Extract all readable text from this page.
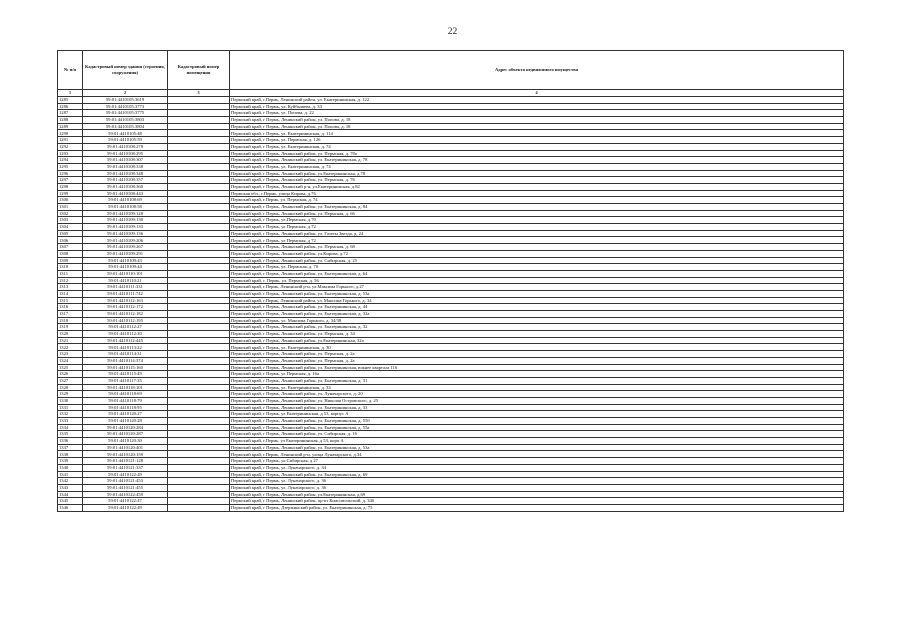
22
№ п/п	Кадастровый номер здания (строения, сооружения)	Кадастровый номер помещения	Адрес объекта недвижимого имущества
1	2	3	4
1285	59:01:4410105:3619		Пермский край, г.Пермь, Ленинский район, ул. Екатерининская, д. 122
1286	59:01:4410105:3773		Пермский край, г Пермь, ул. Куйбышева, д. 33
1287	59:01:4410105:3775		Пермский край, г Пермь, ул. Попова, д. 22
1288	59:01:4410105:3803		Пермский край, г Пермь, Ленинский район, ул. Попова, д. 18
1289	59:01:4410105:3804		Пермский край, г Пермь, Ленинский район, ул. Попова, д. 18
1290	59:01:4410105:48		Пермский край, г Пермь, ул. Екатерининская, д. 114
1291	59:01:4410105:59		Пермский край, г Пермь, ул. Пермская, д. 126
1292	59:01:4410108:278		Пермский край, г Пермь, ул. Екатерининская, д. 74
1293	59:01:4410108:295		Пермский край, г Пермь, Ленинский район, ул. Пермская, д. 78а
1294	59:01:4410108:307		Пермский край, г Пермь, Ленинский район, ул. Екатерининская, д. 78
1295	59:01:4410108:338		Пермский край, г Пермь, ул. Екатерининская, д. 74
1296	59:01:4410108:348		Пермский край, г Пермь, Ленинский район, ул.Екатерининская, д.78
1297	59:01:4410108:357		Пермский край, г Пермь, Ленинский район, ул. Пермская, д. 76
1298	59:01:4410108:360		Пермский край, г Пермь, Ленинский р-н, ул.Екатерининская, д.82
1299	59:01:4410108:443		Пермская обл., г.Пермь, улица Кирова, д.76
1300	59:01:4410108:69		Пермский край, г.Пермь, ул. Пермская, д. 74
1301	59:01:4410108:58		Пермский край, г Пермь, Ленинский район, ул. Екатерининская, д. 84
1302	59:01:4410109:128		Пермский край, г Пермь, Ленинский район, ул. Пермская, д. 66
1303	59:01:4410109:130		Пермский край, г Пермь, ул.Пермская, д.70
1304	59:01:4410109:133		Пермский край, г Пермь, ул Пермская, д 72
1305	59:01:4410109:136		Пермский край, г Пермь, Ленинский район, ул. Газеты Звезда, д. 24
1306	59:01:4410109:206		Пермский край, г Пермь, ул Пермская, д 72
1307	59:01:4410109:267		Пермский край, г Пермь, Ленинский район, ул. Пермская, д. 68
1308	59:01:4410109:291		Пермский край, г Пермь, Ленинский район, ул.Кирова, д.72
1309	59:01:4410109:43		Пермский край, г Пермь, Ленинский район, ул. Сибирская, д. 25
1310	59:01:4410109:44		Пермский край, г Пермь, ул. Пермская, д. 70
1311	59:01:4410110:101		Пермский край, г Пермь, Ленинский район, ул. Екатерининская, д. 64
1312	59:01:4410110:21		Пермский край, г. Пермь, ул. Пермская, д. 56
1313	59:01:4410111:331		Пермский край, г.Пермь, Ленинский р-н, ул.Максима Горького, д.27
1314	59:01:4410111:742		Пермский край, г Пермь, Ленинский район, ул. Екатерининская, д. 53а
1315	59:01:4410112:163		Пермский край, г.Пермь, Ленинский район, ул. Максима Горького, д. 34
1316	59:01:4410112:172		Пермский край, г Пермь, Ленинский район, ул. Екатерининская, д. 44
1317	59:01:4410112:182		Пермский край, г Пермь, Ленинский район, ул. Екатерининская, д. 32а
1318	59:01:4410112:195		Пермский край, г Пермь, ул. Максима Горького, д. 34/38
1319	59:01:4410112:27		Пермский край, г Пермь, Ленинский район, ул. Екатерининская, д. 32
1320	59:01:4410112:30		Пермский край, г Пермь, Ленинский район, ул. Пермская, д. 34
1321	59:01:4410112:445		Пермский край, г Пермь, Ленинский район, ул.Екатерининская, 32а
1322	59:01:4410113:22		Пермский край, г Пермь, ул. Екатерининская, д. 30
1323	59:01:4410114:31		Пермский край, г Пермь, Ленинский район, ул. Пермская, д. 2а
1324	59:01:4410114:374		Пермский край, г Пермь, Ленинский район, ул. Пермская, д. 2а
1325	59:01:4410115:160		Пермский край, г Пермь, Ленинский район, ул. Екатерининская, южнее квартала 116
1326	59:01:4410115:49		Пермский край, г Пермь, ул Пермская, д. 16а
1327	59:01:4410117:35		Пермский край, г Пермь, Ленинский район, ул. Екатерининская, д. 31
1328	59:01:4410118:101		Пермский край, г Пермь, ул. Екатерининская, д. 33
1329	59:01:4410118:69		Пермский край, г Пермь, Ленинский район, ул. Луначарского, д. 20
1330	59:01:4410118:79		Пермский край, г Пермь, Ленинский район, ул. Николая Островского, д. 25
1331	59:01:4410118:95		Пермский край, г Пермь, Ленинский район, ул. Екатерининская, д. 33
1332	59:01:4410120:27		Пермский край, г Пермь, ул Екатерининская, д 53, корпус А
1333	59:01:4410120:28		Пермский край, г Пермь, Ленинский район, ул. Екатерининская, д. 55б
1334	59:01:4410120:284		Пермский край, г Пермь, Ленинский район, ул. Екатерининская, д. 55а
1335	59:01:4410120:287		Пермский край, г Пермь, Ленинский район, ул. Сибирская, д. 16
1336	59:01:4410120:30		Пермский край, г.Пермь, ул Екатерининская, д 53, корп А
1337	59:01:4410120:401		Пермский край, г Пермь, Ленинский район, ул. Екатерининская, д. 53а
1338	59:01:4410120:159		Пермский край, г.Пермь, Ленинский р-н, улица Луначарского, д.34
1339	59:01:4410121:128		Пермский край, г Пермь, ул Сибирская, д 27
1340	59:01:4410121:337		Пермский край, г Пермь, ул. Луначарского, д. 34
1341	59:01:4410122:49		Пермский край, г Пермь, Ленинский район, ул. Екатерининская, д. 69
1342	59:01:4410121:453		Пермский край, г Пермь, ул. Луначарского, д. 36
1343	59:01:4410121:455		Пермский край, г Пермь, ул. Луначарского, д. 36
1344	59:01:4410122:459		Пермский край, г Пермь, Ленинский район, ул.Екатерининская, д.69
1345	59:01:4410122:47		Пермский край, г Пермь, Ленинский район, пр-кт Комсомольский, д. 34б
1346	59:01:4410122:49		Пермский край, г Пермь, Дзержинский район, ул. Екатерининская, д. 75
